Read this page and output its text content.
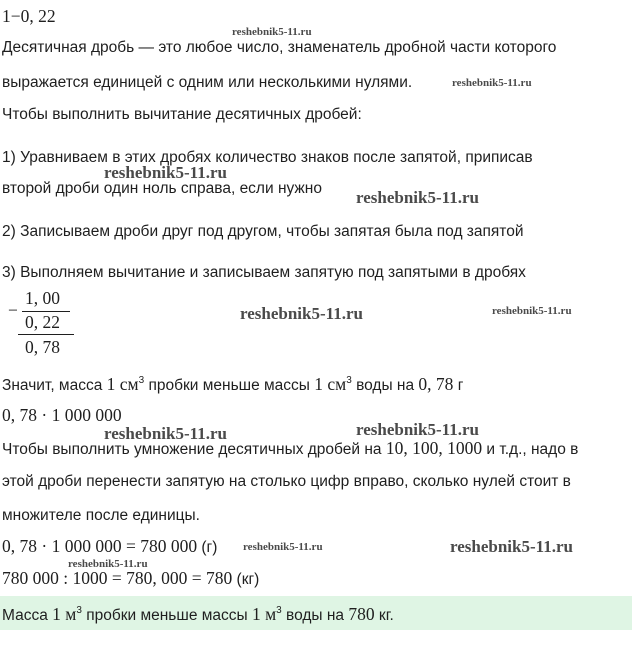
1−0, 22
Десятичная дробь — это любое число, знаменатель дробной части которого
выражается единицей с одним или несколькими нулями.
Чтобы выполнить вычитание десятичных дробей:
1) Уравниваем в этих дробях количество знаков после запятой, приписав
второй дроби один ноль справа, если нужно
2) Записываем дроби друг под другом, чтобы запятая была под запятой
3) Выполняем вычитание и записываем запятую под запятыми в дробях
−
1, 00
0, 22
0, 78
Значит, масса 1 $см^3$ пробки меньше массы 1 $см^3$ воды на 0, 78 г
0, 78 · 1 000 000
Чтобы выполнить умножение десятичных дробей на 10, 100, 1000 и т.д., надо в
этой дроби перенести запятую на столько цифр вправо, сколько нулей стоит в
множителе после единицы.
0, 78 · 1 000 000 = 780 000 (г)
780 000 : 1000 = 780, 000 = 780 (кг)
Масса 1 $м^3$ пробки меньше массы 1 $м^3$ воды на 780 кг.
reshebnik5-11.ru
reshebnik5-11.ru
reshebnik5-11.ru
reshebnik5-11.ru
reshebnik5-11.ru	reshebnik5-11.ru
reshebnik5-11.ru	reshebnik5-11.ru
reshebnik5-11.ru	reshebnik5-11.ru
reshebnik5-11.ru
